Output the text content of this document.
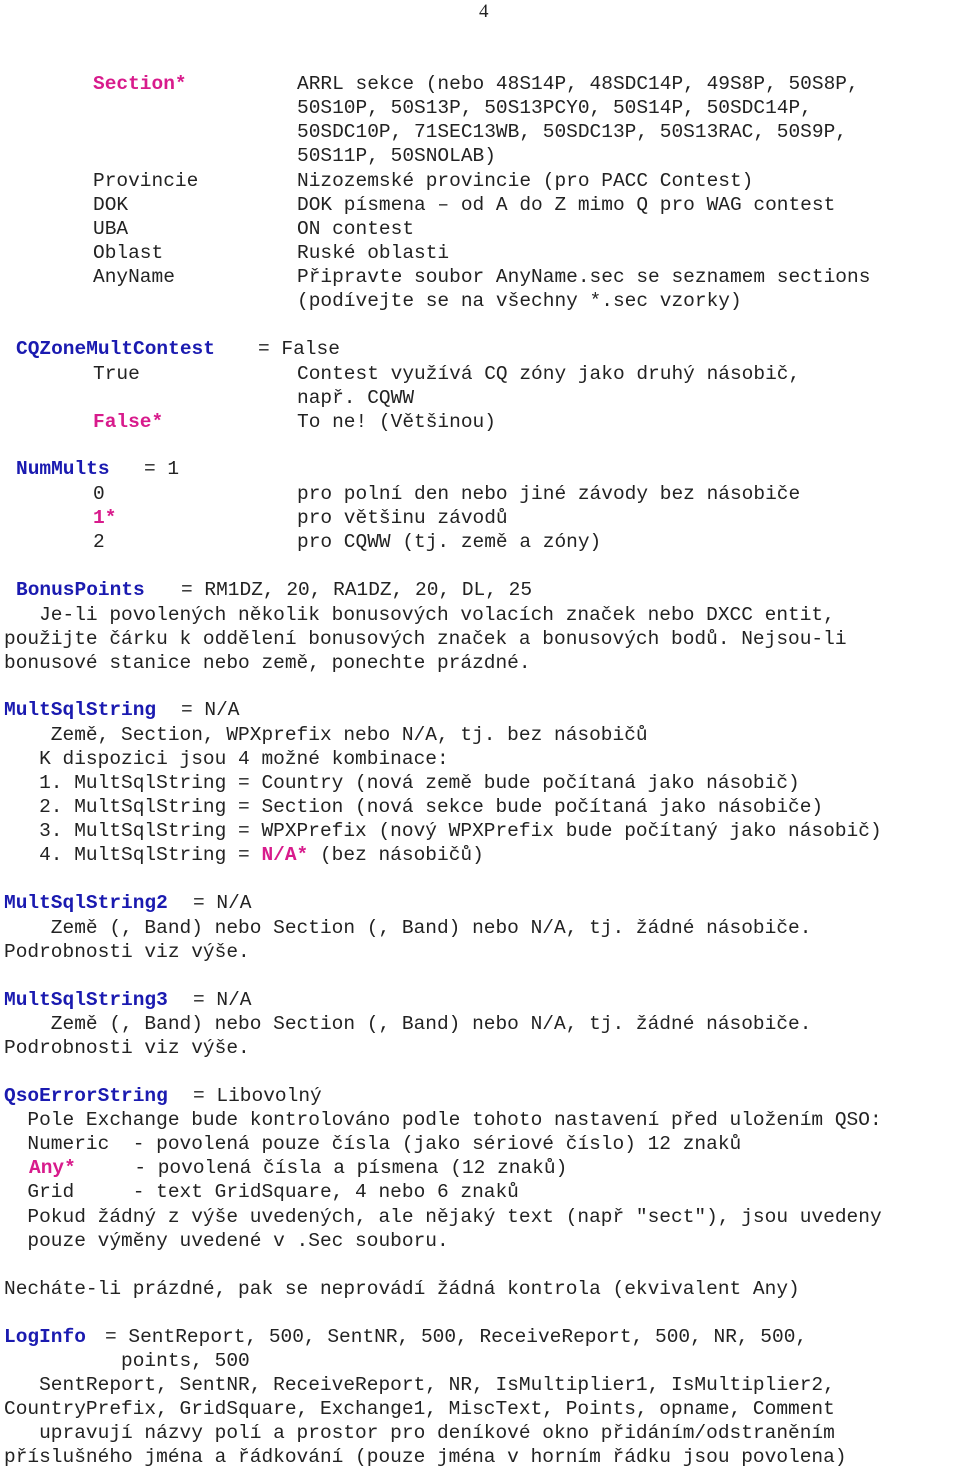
4
Section*	ARRL sekce (nebo 48S14P, 48SDC14P, 49S8P, 50S8P,
50S10P, 50S13P, 50S13PCY0, 50S14P, 50SDC14P,
50SDC10P, 71SEC13WB, 50SDC13P, 50S13RAC, 50S9P,
50S11P, 50SNOLAB)
Provincie	Nizozemské provincie (pro PACC Contest)
DOK	DOK písmena – od A do Z mimo Q pro WAG contest
UBA	ON contest
Oblast	Ruské oblasti
AnyName	Připravte soubor AnyName.sec se seznamem sections
(podívejte se na všechny *.sec vzorky)
CQZoneMultContest = False
True	Contest využívá CQ zóny jako druhý násobič,
např. CQWW
False*	To ne! (Většinou)
NumMults = 1
0	pro polní den nebo jiné závody bez násobiče
1*	pro většinu závodů
2	pro CQWW (tj. země a zóny)
BonusPoints = RM1DZ, 20, RA1DZ, 20, DL, 25
Je-li povolených několik bonusových volacích značek nebo DXCC entit,
použijte čárku k oddělení bonusových značek a bonusových bodů. Nejsou-li
bonusové stanice nebo země, ponechte prázdné.
MultSqlString = N/A
Země, Section, WPXprefix nebo N/A, tj. bez násobičů
K dispozici jsou 4 možné kombinace:
1. MultSqlString = Country (nová země bude počítaná jako násobič)
2. MultSqlString = Section (nová sekce bude počítaná jako násobiče)
3. MultSqlString = WPXPrefix (nový WPXPrefix bude počítaný jako násobič)
4. MultSqlString = N/A* (bez násobičů)
MultSqlString2 = N/A
Země (, Band) nebo Section (, Band) nebo N/A, tj. žádné násobiče.
Podrobnosti viz výše.
MultSqlString3 = N/A
Země (, Band) nebo Section (, Band) nebo N/A, tj. žádné násobiče.
Podrobnosti viz výše.
QsoErrorString = Libovolný
Pole Exchange bude kontrolováno podle tohoto nastavení před uložením QSO:
Numeric  - povolená pouze čísla (jako sériové číslo) 12 znaků
Any*     - povolená čísla a písmena (12 znaků)
Grid     - text GridSquare, 4 nebo 6 znaků
Pokud žádný z výše uvedených, ale nějaký text (např "sect"), jsou uvedeny
pouze výměny uvedené v .Sec souboru.
Necháte-li prázdné, pak se neprovádí žádná kontrola (ekvivalent Any)
LogInfo = SentReport, 500, SentNR, 500, ReceiveReport, 500, NR, 500,
points, 500
SentReport, SentNR, ReceiveReport, NR, IsMultiplier1, IsMultiplier2,
CountryPrefix, GridSquare, Exchange1, MiscText, Points, opname, Comment
upravují názvy polí a prostor pro deníkové okno přidáním/odstraněním
příslušného jména a řádkování (pouze jména v horním řádku jsou povolena)
